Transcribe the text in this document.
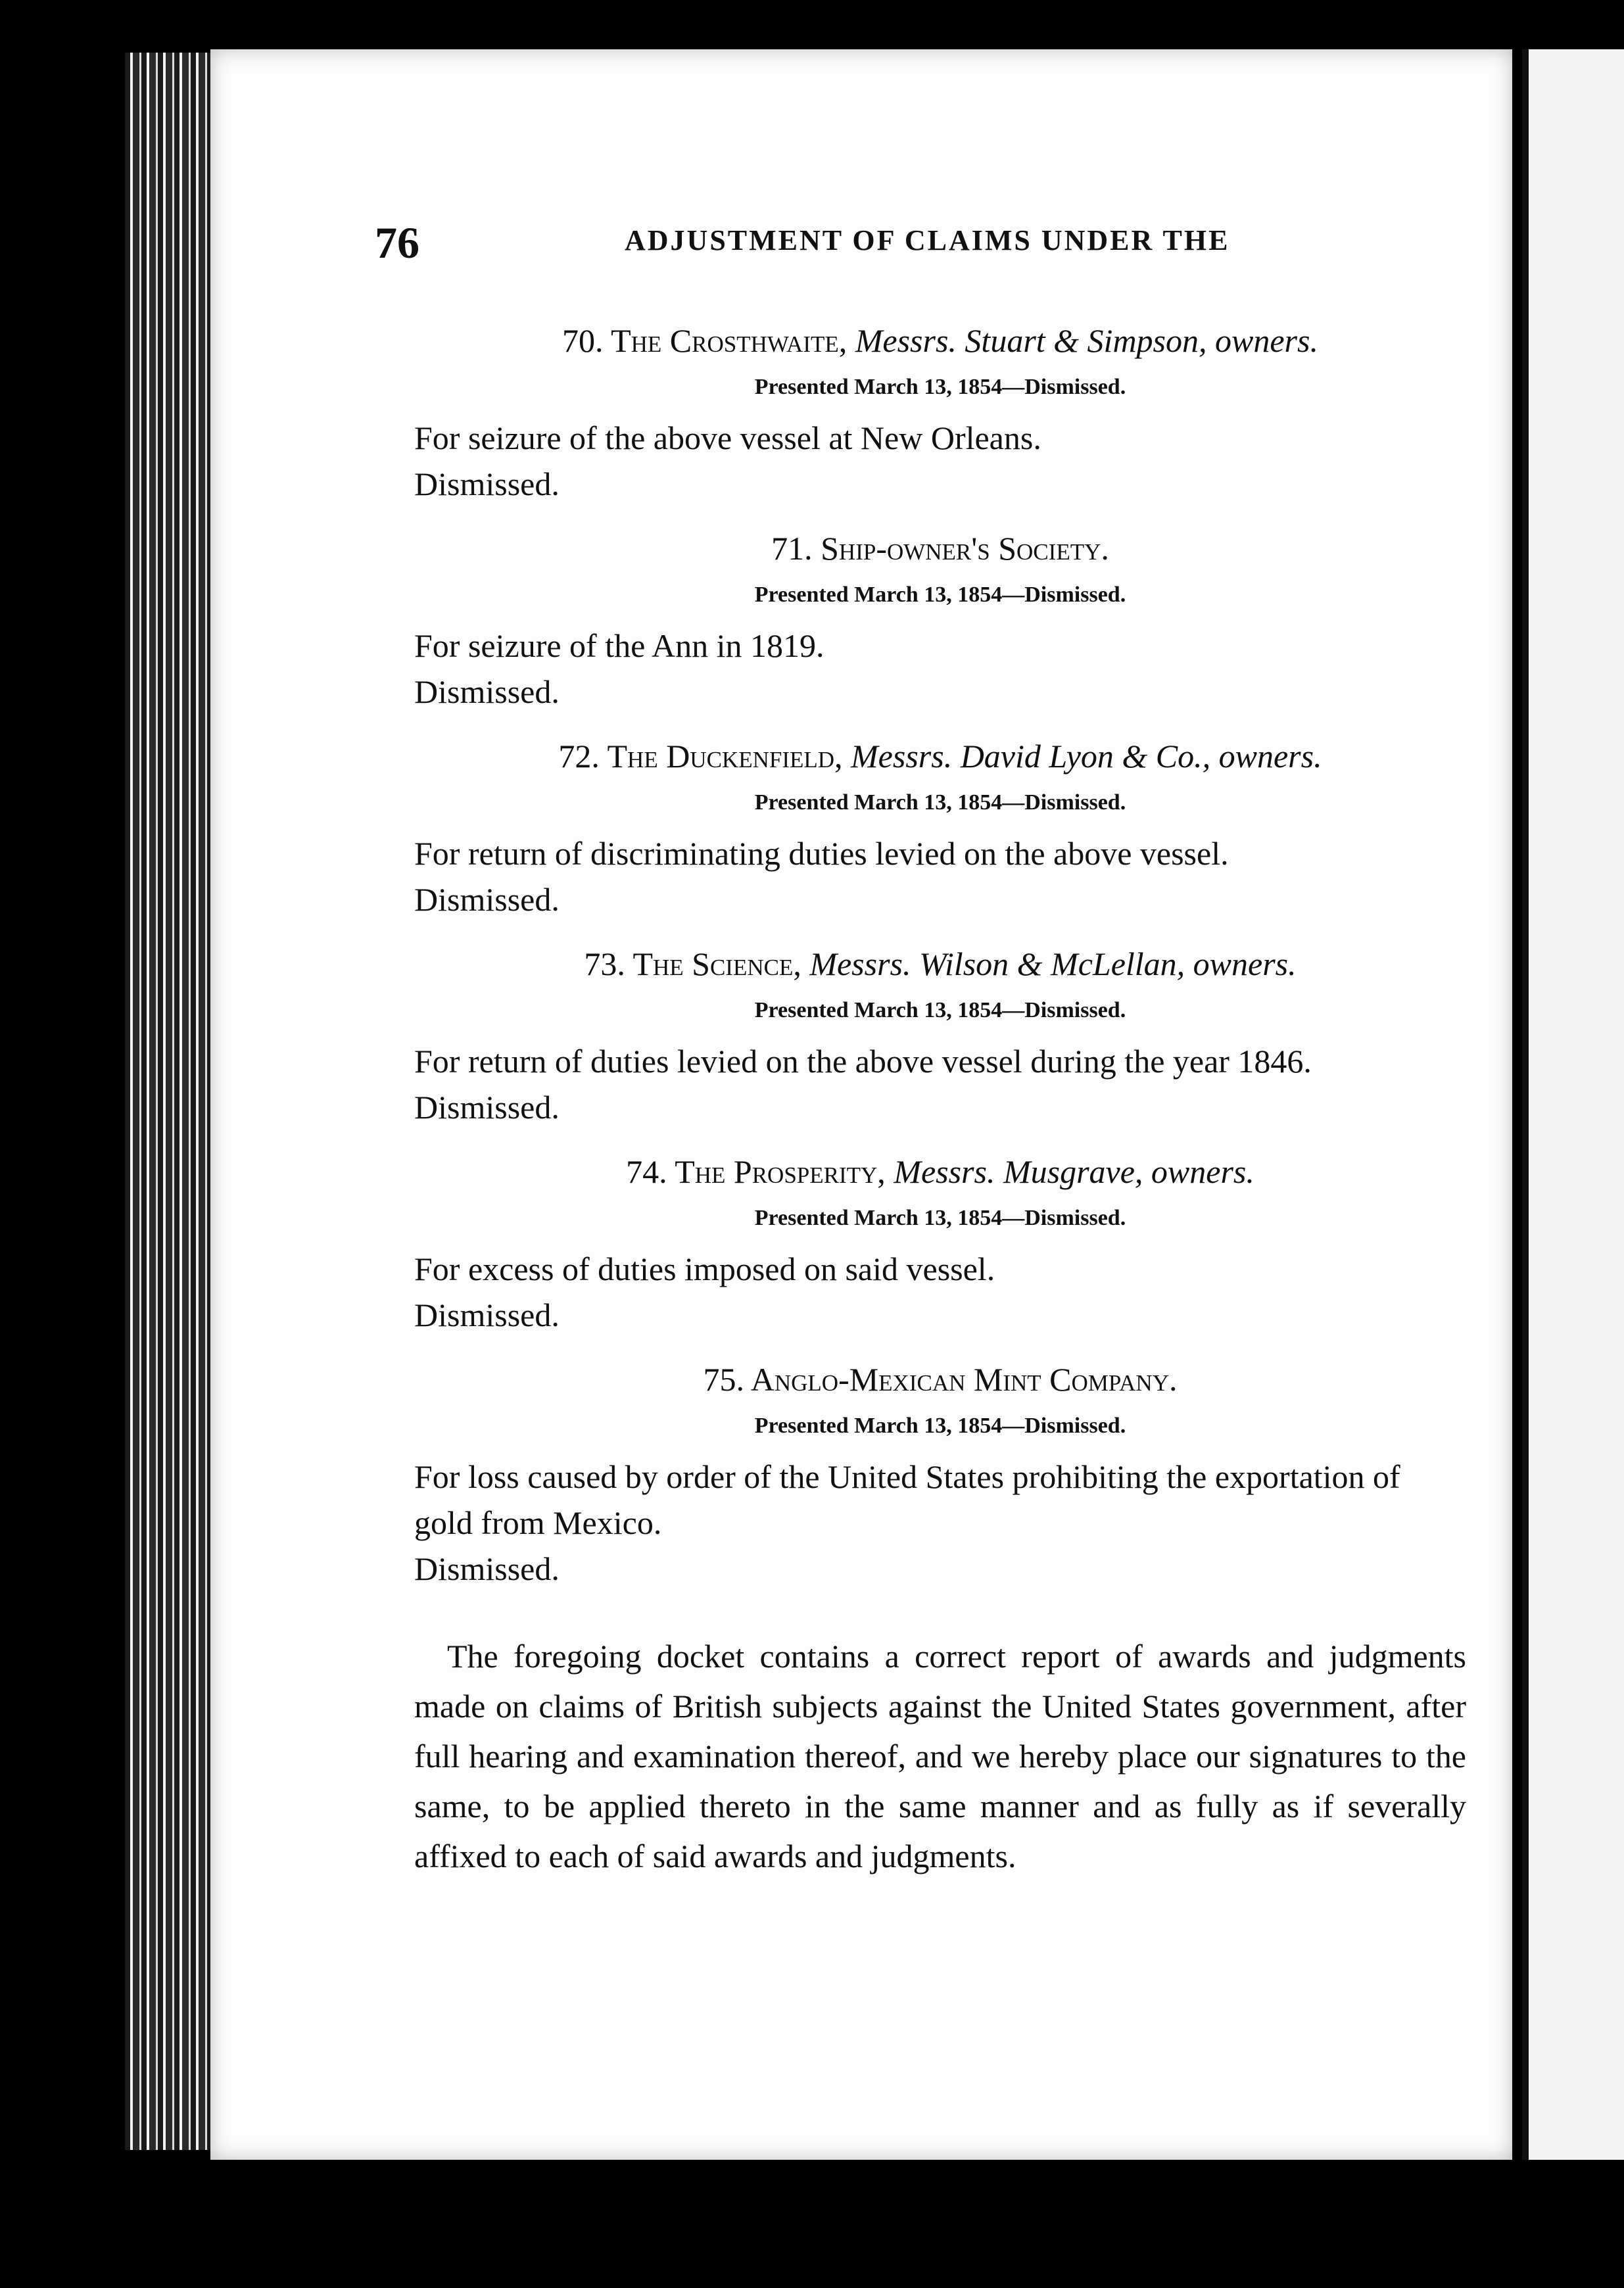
76	ADJUSTMENT OF CLAIMS UNDER THE

70. The Crosthwaite, Messrs. Stuart & Simpson, owners.

Presented March 13, 1854—Dismissed.

For seizure of the above vessel at New Orleans.

Dismissed.

71. Ship-owner's Society.

Presented March 13, 1854—Dismissed.

For seizure of the Ann in 1819.

Dismissed.

72. The Duckenfield, Messrs. David Lyon & Co., owners.

Presented March 13, 1854—Dismissed.

For return of discriminating duties levied on the above vessel.

Dismissed.

73. The Science, Messrs. Wilson & McLellan, owners.

Presented March 13, 1854—Dismissed.

For return of duties levied on the above vessel during the year 1846.

Dismissed.

74. The Prosperity, Messrs. Musgrave, owners.

Presented March 13, 1854—Dismissed.

For excess of duties imposed on said vessel.

Dismissed.

75. Anglo-Mexican Mint Company.

Presented March 13, 1854—Dismissed.

For loss caused by order of the United States prohibiting the exportation of gold from Mexico.

Dismissed.

The foregoing docket contains a correct report of awards and judgments made on claims of British subjects against the United States government, after full hearing and examination thereof, and we hereby place our signatures to the same, to be applied thereto in the same manner and as fully as if severally affixed to each of said awards and judgments.
